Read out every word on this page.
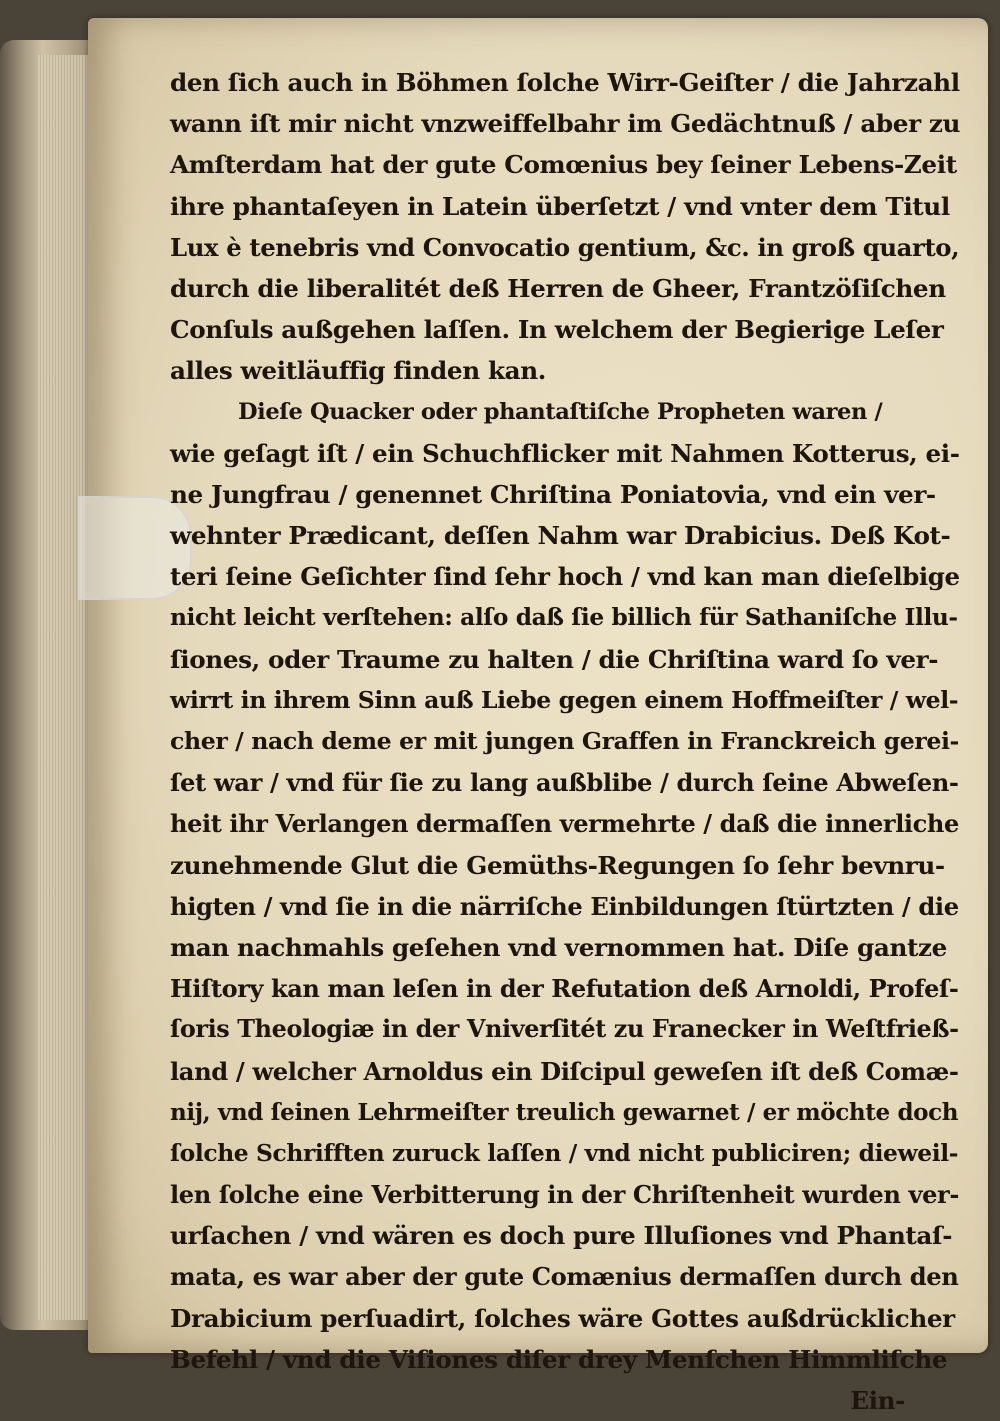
den ſich auch in Böhmen ſolche Wirr-Geiſter / die Jahrzahl
wann iſt mir nicht vnzweiffelbahr im Gedächtnuß / aber zu
Amſterdam hat der gute Comœnius bey ſeiner Lebens-Zeit
ihre phantaſeyen in Latein überſetzt / vnd vnter dem Titul
Lux è tenebris vnd Convocatio gentium, &c. in groß quarto,
durch die liberalitét deß Herren de Gheer, Frantzöſiſchen
Conſuls außgehen laſſen. In welchem der Begierige Leſer
alles weitläuffig finden kan.
Dieſe Quacker oder phantaſtiſche Propheten waren /
wie geſagt iſt / ein Schuchflicker mit Nahmen Kotterus, ei-
ne Jungfrau / genennet Chriſtina Poniatovia, vnd ein ver-
wehnter Prædicant, deſſen Nahm war Drabicius. Deß Kot-
teri ſeine Geſichter ſind ſehr hoch / vnd kan man dieſelbige
nicht leicht verſtehen: alſo daß ſie billich für Sathaniſche Illu-
ſiones, oder Traume zu halten / die Chriſtina ward ſo ver-
wirrt in ihrem Sinn auß Liebe gegen einem Hoffmeiſter / wel-
cher / nach deme er mit jungen Graffen in Franckreich gerei-
ſet war / vnd für ſie zu lang außblibe / durch ſeine Abweſen-
heit ihr Verlangen dermaſſen vermehrte / daß die innerliche
zunehmende Glut die Gemüths-Regungen ſo ſehr bevnru-
higten / vnd ſie in die närriſche Einbildungen ſtürtzten / die
man nachmahls geſehen vnd vernommen hat. Diſe gantze
Hiſtory kan man leſen in der Refutation deß Arnoldi, Profeſ-
ſoris Theologiæ in der Vniverſitét zu Franecker in Weſtfrieß-
land / welcher Arnoldus ein Diſcipul geweſen iſt deß Comæ-
nij, vnd ſeinen Lehrmeiſter treulich gewarnet / er möchte doch
ſolche Schrifften zuruck laſſen / vnd nicht publiciren; dieweil-
len ſolche eine Verbitterung in der Chriſtenheit wurden ver-
urſachen / vnd wären es doch pure Illuſiones vnd Phantaſ-
mata, es war aber der gute Comænius dermaſſen durch den
Drabicium perſuadirt, ſolches wäre Gottes außdrücklicher
Befehl / vnd die Viſiones diſer drey Menſchen Himmliſche
Ein-
